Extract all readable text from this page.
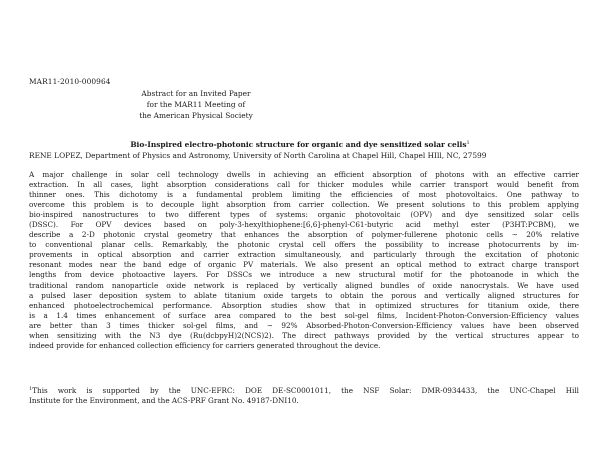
MAR11-2010-000964
Abstract for an Invited Paper
for the MAR11 Meeting of
the American Physical Society
Bio-Inspired electro-photonic structure for organic and dye sensitized solar cells$^1$
RENE LOPEZ, Department of Physics and Astronomy, University of North Carolina at Chapel Hill, Chapel HIll, NC, 27599
A major challenge in solar cell technology dwells in achieving an efficient absorption of photons with an effective carrier
extraction. In all cases, light absorption considerations call for thicker modules while carrier transport would benefit from
thinner ones. This dichotomy is a fundamental problem limiting the efficiencies of most photovoltaics. One pathway to
overcome this problem is to decouple light absorption from carrier collection. We present solutions to this problem applying
bio-inspired nanostructures to two different types of systems: organic photovoltaic (OPV) and dye sensitized solar cells
(DSSC). For OPV devices based on poly-3-hexylthiophene:[6,6]-phenyl-C61-butyric acid methyl ester (P3HT:PCBM), we
describe a 2-D photonic crystal geometry that enhances the absorption of polymer-fullerene photonic cells ∼ 20% relative
to conventional planar cells. Remarkably, the photonic crystal cell offers the possibility to increase photocurrents by im-
provements in optical absorption and carrier extraction simultaneously, and particularly through the excitation of photonic
resonant modes near the band edge of organic PV materials. We also present an optical method to extract charge transport
lengths from device photoactive layers. For DSSCs we introduce a new structural motif for the photoanode in which the
traditional random nanoparticle oxide network is replaced by vertically aligned bundles of oxide nanocrystals. We have used
a pulsed laser deposition system to ablate titanium oxide targets to obtain the porous and vertically aligned structures for
enhanced photoelectrochemical performance. Absorption studies show that in optimized structures for titanium oxide, there
is a 1.4 times enhancement of surface area compared to the best sol-gel films, Incident-Photon-Conversion-Efficiency values
are better than 3 times thicker sol-gel films, and ∼ 92% Absorbed-Photon-Conversion-Efficiency values have been observed
when sensitizing with the N3 dye (Ru(dcbpyH)2(NCS)2). The direct pathways provided by the vertical structures appear to
indeed provide for enhanced collection efficiency for carriers generated throughout the device.
$^1$This work is supported by the UNC-EFRC: DOE DE-SC0001011, the NSF Solar: DMR-0934433, the UNC-Chapel Hill
Institute for the Environment, and the ACS-PRF Grant No. 49187-DNI10.
